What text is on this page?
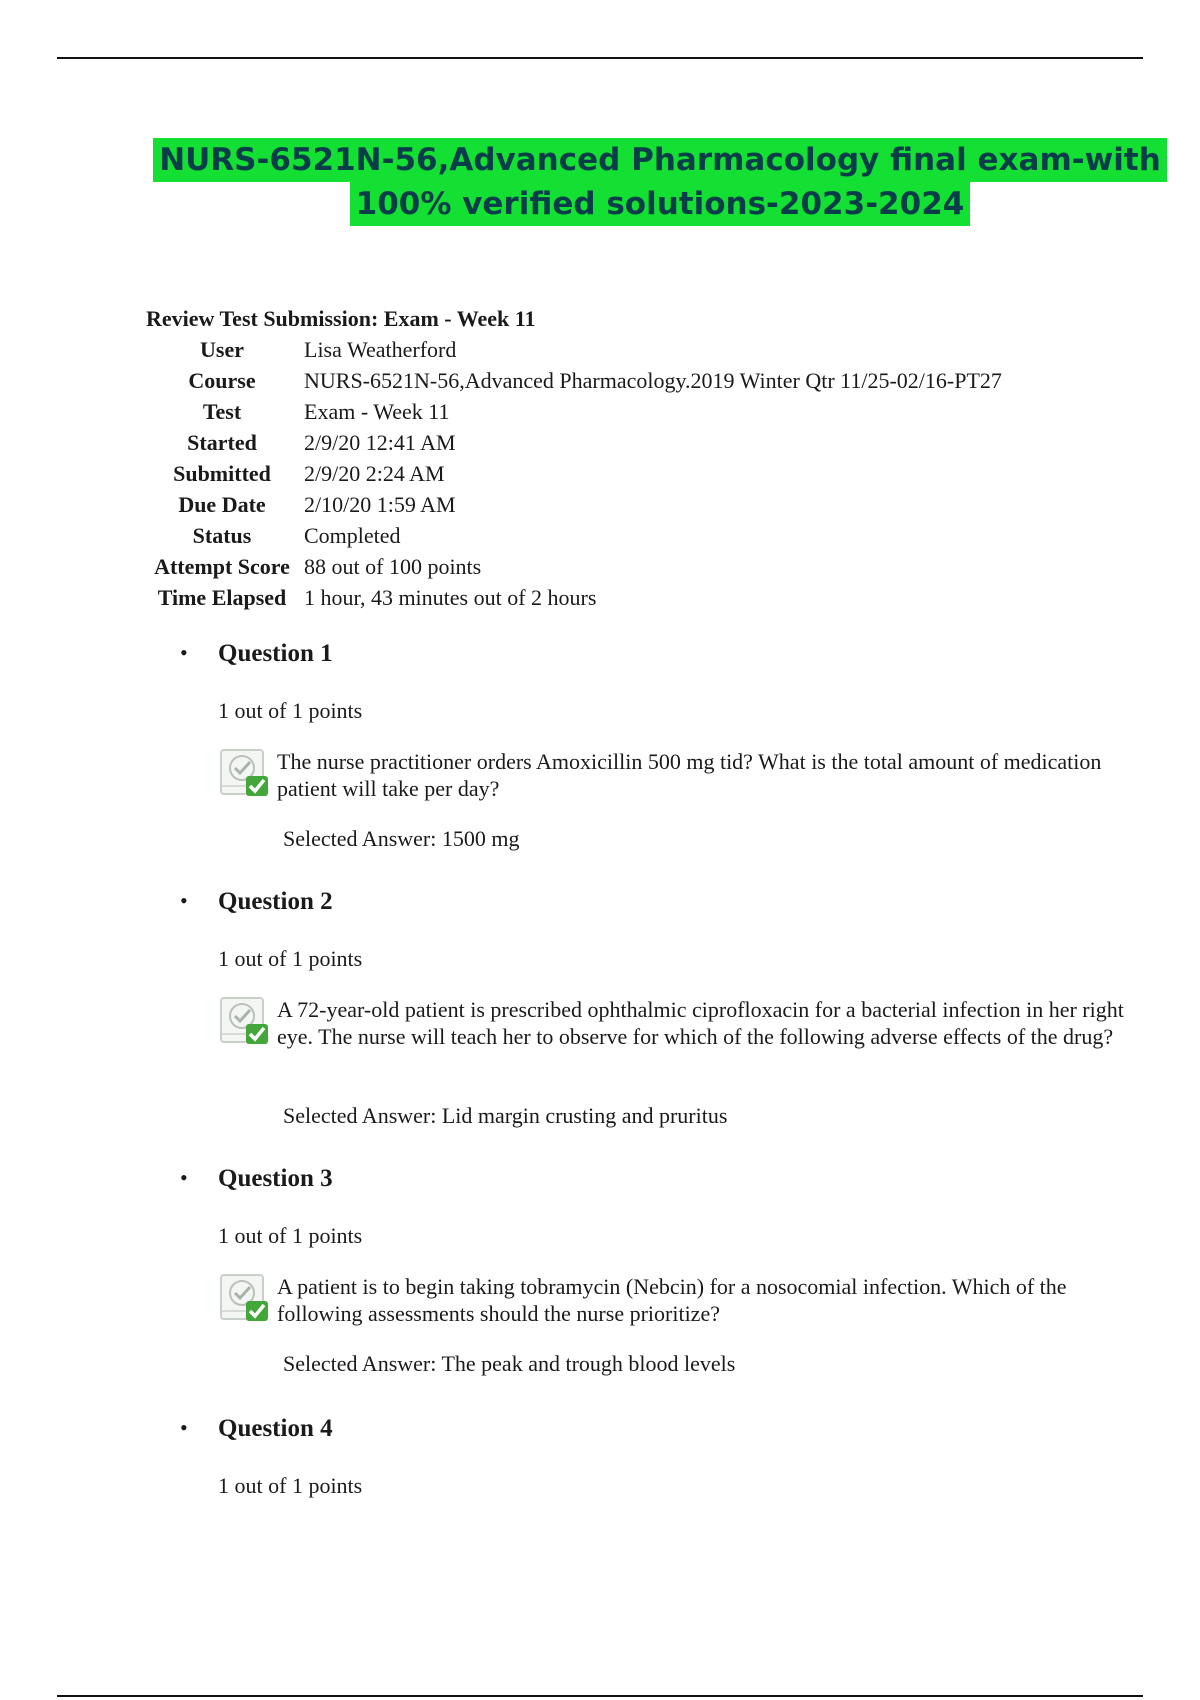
NURS-6521N-56,Advanced Pharmacology final exam-with
100% verified solutions-2023-2024
Review Test Submission: Exam - Week 11
User	Lisa Weatherford
Course	NURS-6521N-56,Advanced Pharmacology.2019 Winter Qtr 11/25-02/16-PT27
Test	Exam - Week 11
Started	2/9/20 12:41 AM
Submitted	2/9/20 2:24 AM
Due Date	2/10/20 1:59 AM
Status	Completed
Attempt Score 88 out of 100 points
Time Elapsed 1 hour, 43 minutes out of 2 hours
• Question 1
1 out of 1 points
The nurse practitioner orders Amoxicillin 500 mg tid? What is the total amount of medication patient will take per day?
Selected Answer: 1500 mg
• Question 2
1 out of 1 points
A 72-year-old patient is prescribed ophthalmic ciprofloxacin for a bacterial infection in her right eye. The nurse will teach her to observe for which of the following adverse effects of the drug?
Selected Answer: Lid margin crusting and pruritus
• Question 3
1 out of 1 points
A patient is to begin taking tobramycin (Nebcin) for a nosocomial infection. Which of the following assessments should the nurse prioritize?
Selected Answer: The peak and trough blood levels
• Question 4
1 out of 1 points
